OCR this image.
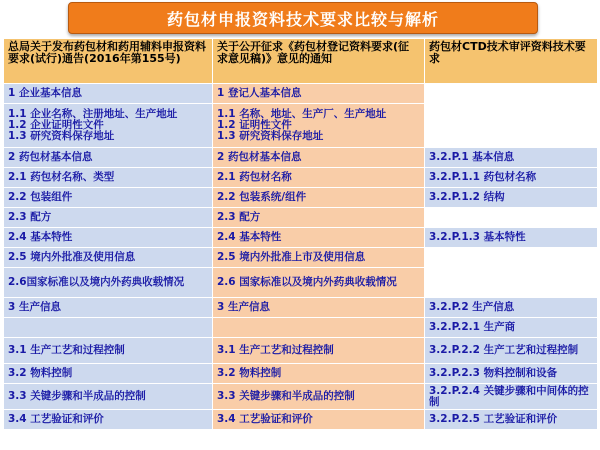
药包材申报资料技术要求比较与解析
总局关于发布药包材和药用辅料申报资料要求(试行)通告(2016年第155号)	关于公开征求《药包材登记资料要求(征求意见稿)》意见的通知	药包材CTD技术审评资料技术要求
1 企业基本信息	1 登记人基本信息	
1.1 企业名称、注册地址、生产地址
1.2 企业证明性文件
1.3 研究资料保存地址	1.1 名称、地址、生产厂、生产地址
1.2 证明性文件
1.3 研究资料保存地址	
2 药包材基本信息	2 药包材基本信息	3.2.P.1 基本信息
2.1 药包材名称、类型	2.1 药包材名称	3.2.P.1.1 药包材名称
2.2 包装组件	2.2 包装系统/组件	3.2.P.1.2 结构
2.3 配方	2.3 配方	
2.4 基本特性	2.4 基本特性	3.2.P.1.3 基本特性
2.5 境内外批准及使用信息	2.5 境内外批准上市及使用信息	
2.6国家标准以及境内外药典收载情况	2.6 国家标准以及境内外药典收载情况	
3 生产信息	3 生产信息	3.2.P.2 生产信息
		3.2.P.2.1 生产商
3.1 生产工艺和过程控制	3.1 生产工艺和过程控制	3.2.P.2.2 生产工艺和过程控制
3.2 物料控制	3.2 物料控制	3.2.P.2.3 物料控制和设备
3.3 关键步骤和半成品的控制	3.3 关键步骤和半成品的控制	3.2.P.2.4 关键步骤和中间体的控制
3.4 工艺验证和评价	3.4 工艺验证和评价	3.2.P.2.5 工艺验证和评价
